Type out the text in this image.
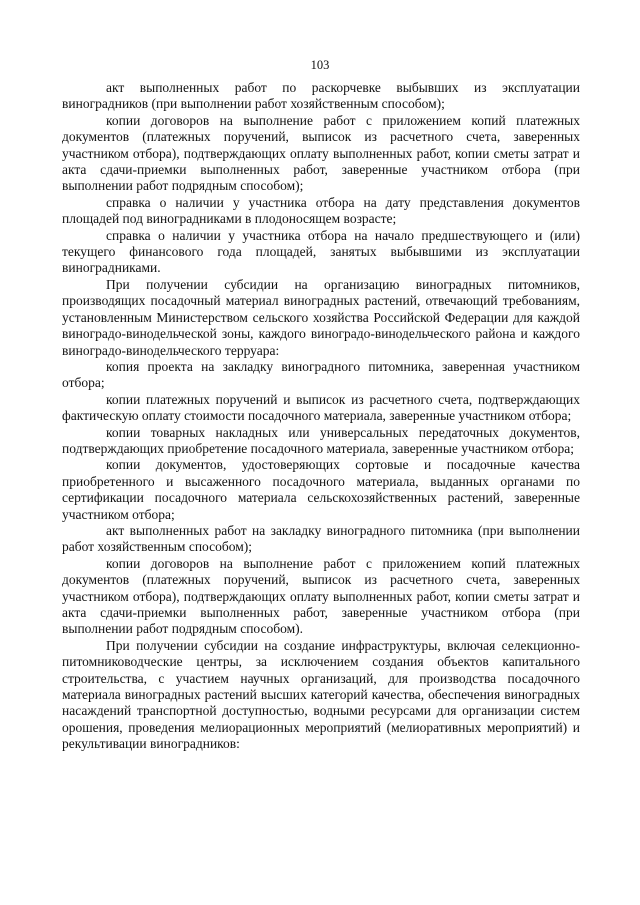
103

акт выполненных работ по раскорчевке выбывших из эксплуатации виноградников (при выполнении работ хозяйственным способом);

копии договоров на выполнение работ с приложением копий платежных документов (платежных поручений, выписок из расчетного счета, заверенных участником отбора), подтверждающих оплату выполненных работ, копии сметы затрат и акта сдачи-приемки выполненных работ, заверенные участником отбора (при выполнении работ подрядным способом);

справка о наличии у участника отбора на дату представления документов площадей под виноградниками в плодоносящем возрасте;

справка о наличии у участника отбора на начало предшествующего и (или) текущего финансового года площадей, занятых выбывшими из эксплуатации виноградниками.

При получении субсидии на организацию виноградных питомников, производящих посадочный материал виноградных растений, отвечающий требованиям, установленным Министерством сельского хозяйства Российской Федерации для каждой виноградо-винодельческой зоны, каждого виноградо-винодельческого района и каждого виноградо-винодельческого терруара:

копия проекта на закладку виноградного питомника, заверенная участником отбора;

копии платежных поручений и выписок из расчетного счета, подтверждающих фактическую оплату стоимости посадочного материала, заверенные участником отбора;

копии товарных накладных или универсальных передаточных документов, подтверждающих приобретение посадочного материала, заверенные участником отбора;

копии документов, удостоверяющих сортовые и посадочные качества приобретенного и высаженного посадочного материала, выданных органами по сертификации посадочного материала сельскохозяйственных растений, заверенные участником отбора;

акт выполненных работ на закладку виноградного питомника (при выполнении работ хозяйственным способом);

копии договоров на выполнение работ с приложением копий платежных документов (платежных поручений, выписок из расчетного счета, заверенных участником отбора), подтверждающих оплату выполненных работ, копии сметы затрат и акта сдачи-приемки выполненных работ, заверенные участником отбора (при выполнении работ подрядным способом).

При получении субсидии на создание инфраструктуры, включая селекционно-питомниководческие центры, за исключением создания объектов капитального строительства, с участием научных организаций, для производства посадочного материала виноградных растений высших категорий качества, обеспечения виноградных насаждений транспортной доступностью, водными ресурсами для организации систем орошения, проведения мелиорационных мероприятий (мелиоративных мероприятий) и рекультивации виноградников:
